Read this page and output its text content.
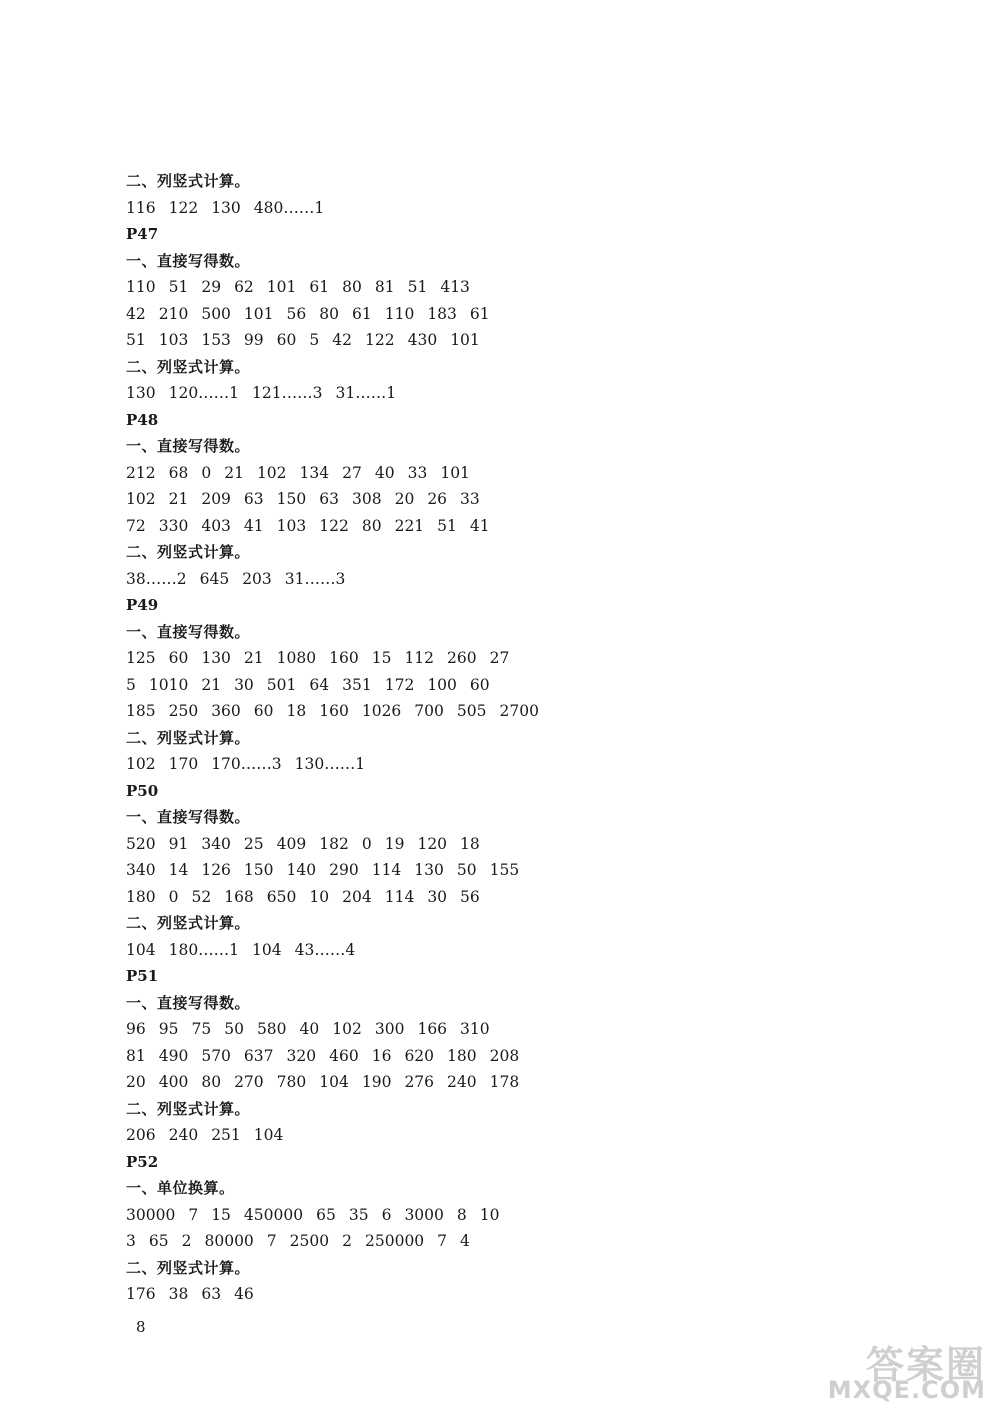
二、列竖式计算。
116 122 130 480……1
P47
一、直接写得数。
110 51 29 62 101 61 80 81 51 413
42 210 500 101 56 80 61 110 183 61
51 103 153 99 60 5 42 122 430 101
二、列竖式计算。
130 120……1 121……3 31……1
P48
一、直接写得数。
212 68 0 21 102 134 27 40 33 101
102 21 209 63 150 63 308 20 26 33
72 330 403 41 103 122 80 221 51 41
二、列竖式计算。
38……2 645 203 31……3
P49
一、直接写得数。
125 60 130 21 1080 160 15 112 260 27
5 1010 21 30 501 64 351 172 100 60
185 250 360 60 18 160 1026 700 505 2700
二、列竖式计算。
102 170 170……3 130……1
P50
一、直接写得数。
520 91 340 25 409 182 0 19 120 18
340 14 126 150 140 290 114 130 50 155
180 0 52 168 650 10 204 114 30 56
二、列竖式计算。
104 180……1 104 43……4
P51
一、直接写得数。
96 95 75 50 580 40 102 300 166 310
81 490 570 637 320 460 16 620 180 208
20 400 80 270 780 104 190 276 240 178
二、列竖式计算。
206 240 251 104
P52
一、单位换算。
30000 7 15 450000 65 35 6 3000 8 10
3 65 2 80000 7 2500 2 250000 7 4
二、列竖式计算。
176 38 63 46
8
答案圈
MXQE.COM
